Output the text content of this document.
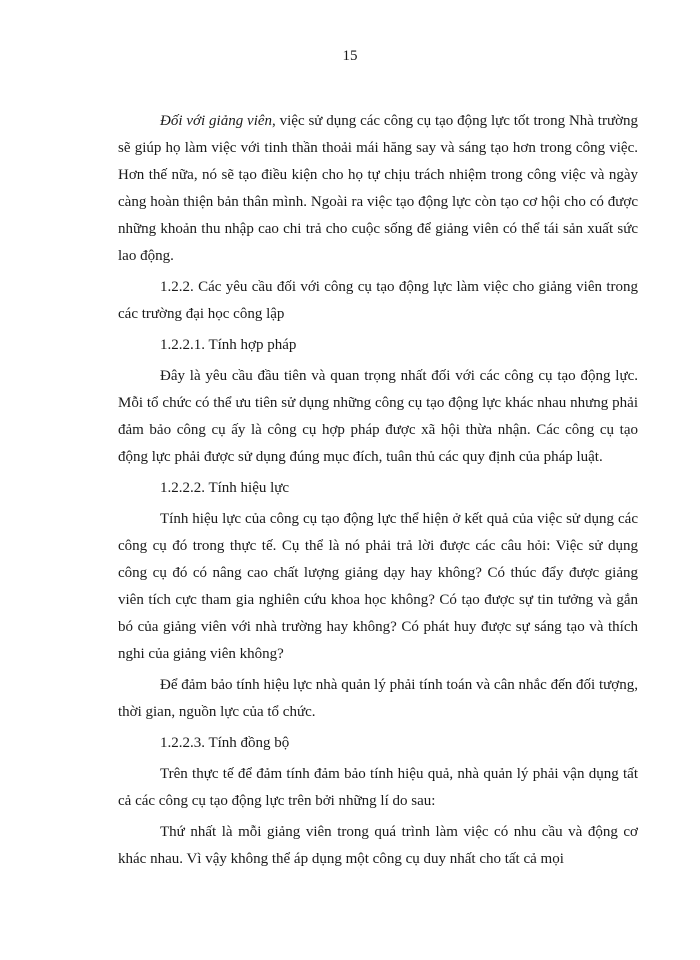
15

Đối với giảng viên, việc sử dụng các công cụ tạo động lực tốt trong Nhà trường sẽ giúp họ làm việc với tinh thần thoải mái hăng say và sáng tạo hơn trong công việc. Hơn thế nữa, nó sẽ tạo điều kiện cho họ tự chịu trách nhiệm trong công việc và ngày càng hoàn thiện bản thân mình. Ngoài ra việc tạo động lực còn tạo cơ hội cho có được những khoản thu nhập cao chi trả cho cuộc sống để giảng viên có thể tái sản xuất sức lao động.

1.2.2. Các yêu cầu đối với công cụ tạo động lực làm việc cho giảng viên trong các trường đại học công lập

1.2.2.1. Tính hợp pháp

Đây là yêu cầu đầu tiên và quan trọng nhất đối với các công cụ tạo động lực. Mỗi tổ chức có thể ưu tiên sử dụng những công cụ tạo động lực khác nhau nhưng phải đảm bảo công cụ ấy là công cụ hợp pháp được xã hội thừa nhận. Các công cụ tạo động lực phải được sử dụng đúng mục đích, tuân thủ các quy định của pháp luật.

1.2.2.2. Tính hiệu lực

Tính hiệu lực của công cụ tạo động lực thể hiện ở kết quả của việc sử dụng các công cụ đó trong thực tế. Cụ thể là nó phải trả lời được các câu hỏi: Việc sử dụng công cụ đó có nâng cao chất lượng giảng dạy hay không? Có thúc đẩy được giảng viên tích cực tham gia nghiên cứu khoa học không? Có tạo được sự tin tưởng và gắn bó của giảng viên với nhà trường hay không? Có phát huy được sự sáng tạo và thích nghi của giảng viên không?

Để đảm bảo tính hiệu lực nhà quản lý phải tính toán và cân nhắc đến đối tượng, thời gian, nguồn lực của tổ chức.

1.2.2.3. Tính đồng bộ

Trên thực tế để đảm tính đảm bảo tính hiệu quả, nhà quản lý phải vận dụng tất cả các công cụ tạo động lực trên bởi những lí do sau:

Thứ nhất là mỗi giảng viên trong quá trình làm việc có nhu cầu và động cơ khác nhau. Vì vậy không thể áp dụng một công cụ duy nhất cho tất cả mọi
